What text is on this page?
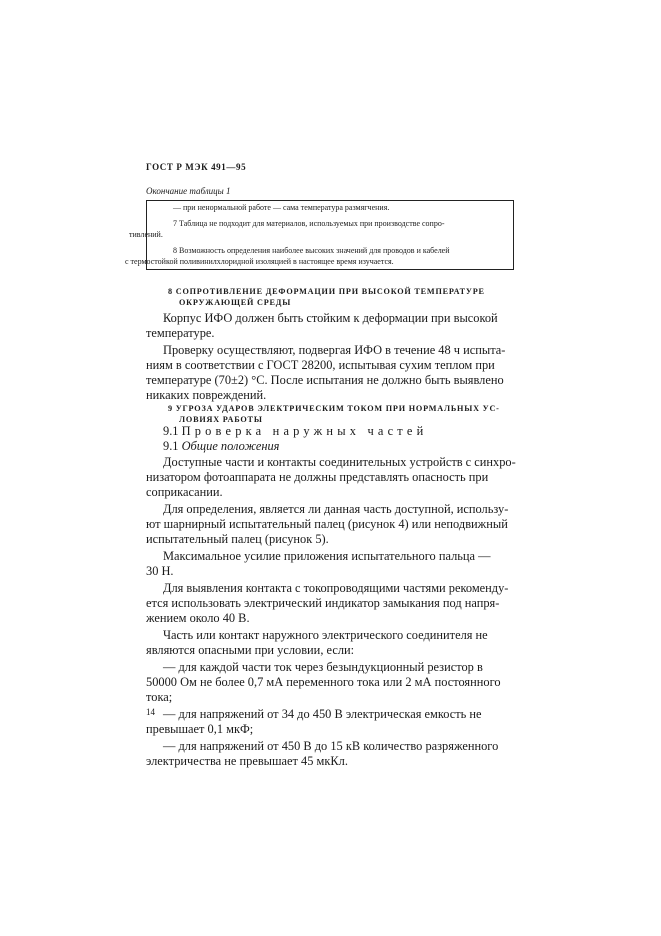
ГОСТ Р МЭК 491—95
Окончание таблицы 1
— при ненормальной работе — сама температура размягчения.
7 Таблица не подходит для материалов, используемых при производстве сопро-
тивлений.
8 Возможность определения наиболее высоких значений для проводов и кабелей
с термостойкой поливинилхлоридной изоляцией в настоящее время изучается.
8 СОПРОТИВЛЕНИЕ ДЕФОРМАЦИИ ПРИ ВЫСОКОЙ ТЕМПЕРАТУРЕ
ОКРУЖАЮЩЕЙ СРЕДЫ
Корпус ИФО должен быть стойким к деформации при высокой
температуре.
Проверку осуществляют, подвергая ИФО в течение 48 ч испыта-
ниям в соответствии с ГОСТ 28200, испытывая сухим теплом при
температуре (70±2) °С. После испытания не должно быть выявлено
никаких повреждений.
9 УГРОЗА УДАРОВ ЭЛЕКТРИЧЕСКИМ ТОКОМ ПРИ НОРМАЛЬНЫХ УС-
ЛОВИЯХ РАБОТЫ
9.1 Проверка наружных частей
9.1 Общие положения
Доступные части и контакты соединительных устройств с синхро-
низатором фотоаппарата не должны представлять опасность при
соприкасании.
Для определения, является ли данная часть доступной, использу-
ют шарнирный испытательный палец (рисунок 4) или неподвижный
испытательный палец (рисунок 5).
Максимальное усилие приложения испытательного пальца —
30 Н.
Для выявления контакта с токопроводящими частями рекоменду-
ется использовать электрический индикатор замыкания под напря-
жением около 40 В.
Часть или контакт наружного электрического соединителя не
являются опасными при условии, если:
— для каждой части ток через безындукционный резистор в
50000 Ом не более 0,7 мА переменного тока или 2 мА постоянного
тока;
— для напряжений от 34 до 450 В электрическая емкость не
превышает 0,1 мкФ;
— для напряжений от 450 В до 15 кВ количество разряженного
электричества не превышает 45 мкКл.
14
